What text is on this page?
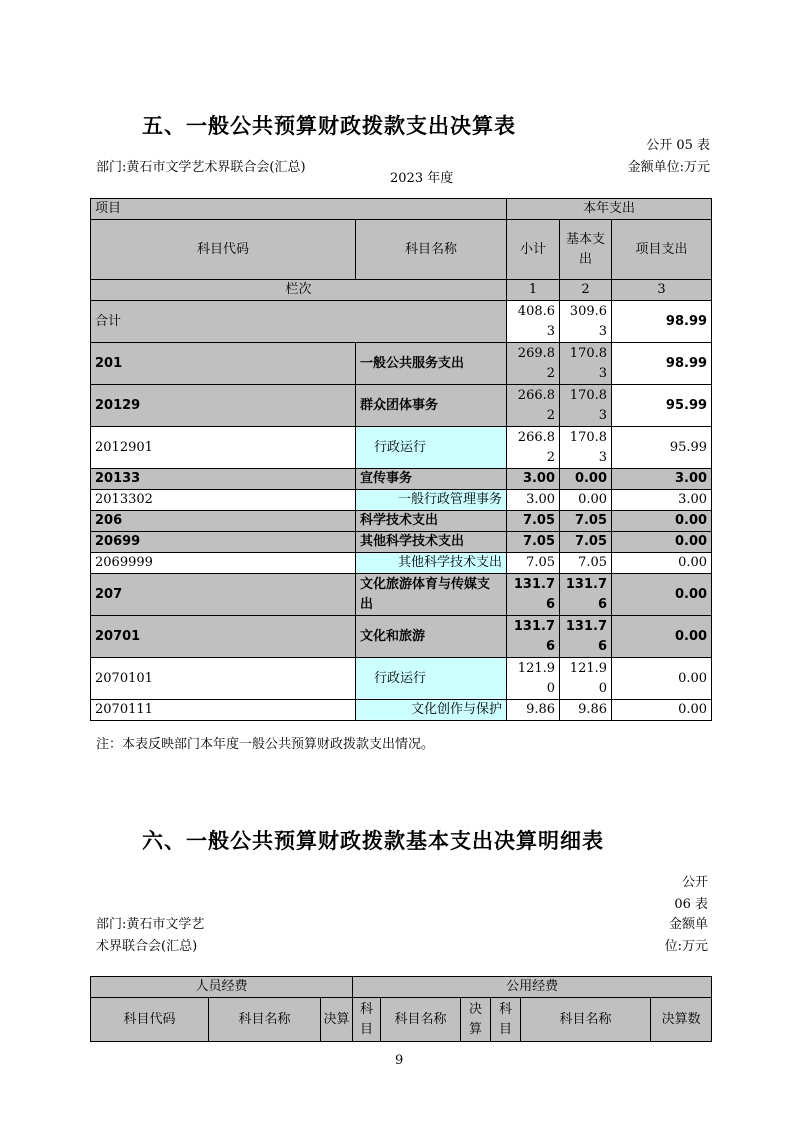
五、一般公共预算财政拨款支出决算表
公开 05 表
部门:黄石市文学艺术界联合会(汇总)
2023 年度
金额单位:万元
项目		本年支出		
科目代码	科目名称	小计	基本支出	项目支出
栏次		1	2	3
合计		408.63	309.63	98.99
201	一般公共服务支出	269.82	170.83	98.99
20129	群众团体事务	266.82	170.83	95.99
2012901	行政运行	266.82	170.83	95.99
20133	宣传事务	3.00	0.00	3.00
2013302	一般行政管理事务	3.00	0.00	3.00
206	科学技术支出	7.05	7.05	0.00
20699	其他科学技术支出	7.05	7.05	0.00
2069999	其他科学技术支出	7.05	7.05	0.00
207	文化旅游体育与传媒支出	131.76	131.76	0.00
20701	文化和旅游	131.76	131.76	0.00
2070101	行政运行	121.90	121.90	0.00
2070111	文化创作与保护	9.86	9.86	0.00
注：本表反映部门本年度一般公共预算财政拨款支出情况。
六、一般公共预算财政拨款基本支出决算明细表
公开 06 表
部门:黄石市文学艺术界联合会(汇总)
金额单位:万元
人员经费			公用经费					
科目代码	科目名称	决算	科目	科目名称	决算	科目	科目名称	决算数
9
